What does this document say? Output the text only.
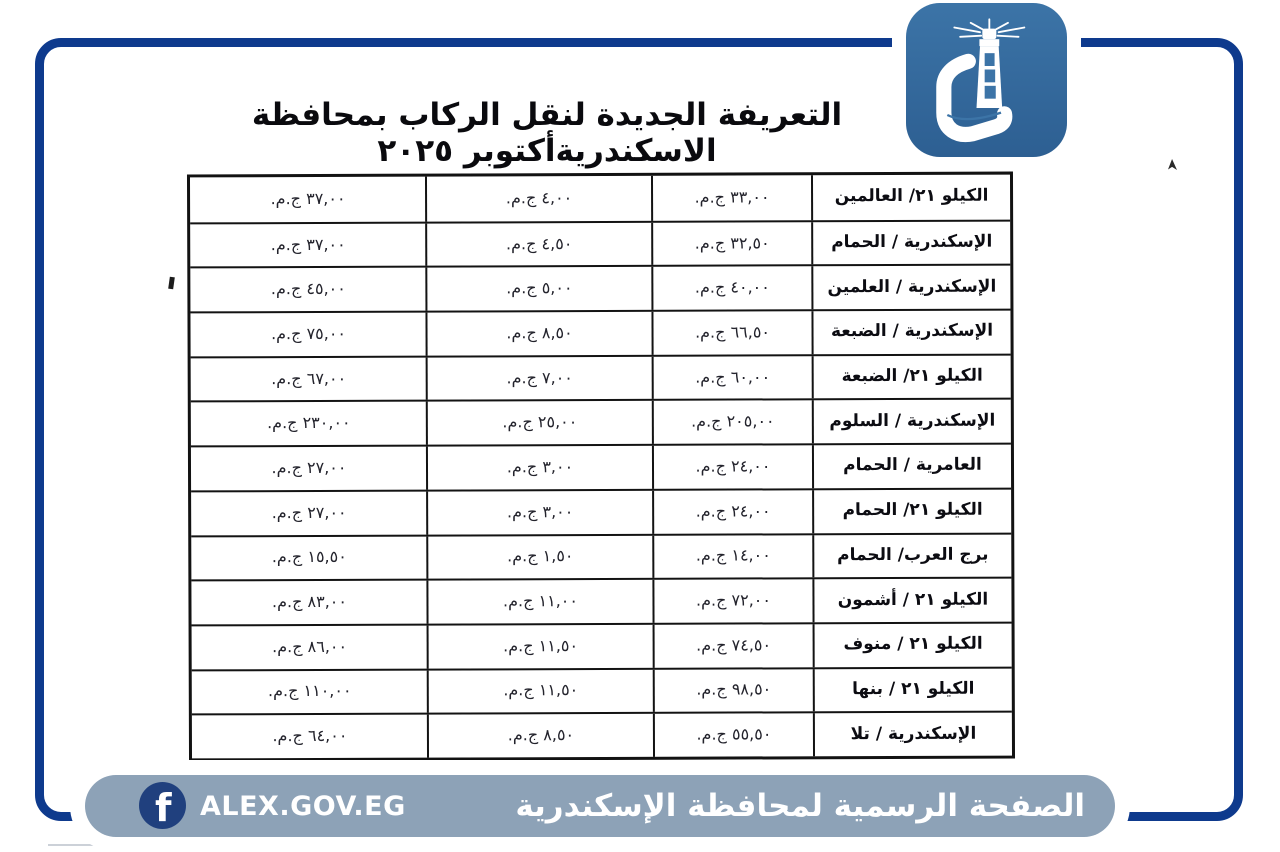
التعريفة الجديدة لنقل الركاب بمحافظة الاسكندريةأكتوبر ٢٠٢٥
الكيلو ٢١/ العالمين
٣٣,٠٠ ج.م.
٤,٠٠ ج.م.
٣٧,٠٠ ج.م.
الإسكندرية / الحمام
٣٢,٥٠ ج.م.
٤,٥٠ ج.م.
٣٧,٠٠ ج.م.
الإسكندرية / العلمين
٤٠,٠٠ ج.م.
٥,٠٠ ج.م.
٤٥,٠٠ ج.م.
الإسكندرية / الضبعة
٦٦,٥٠ ج.م.
٨,٥٠ ج.م.
٧٥,٠٠ ج.م.
الكيلو ٢١/ الضبعة
٦٠,٠٠ ج.م.
٧,٠٠ ج.م.
٦٧,٠٠ ج.م.
الإسكندرية / السلوم
٢٠٥,٠٠ ج.م.
٢٥,٠٠ ج.م.
٢٣٠,٠٠ ج.م.
العامرية / الحمام
٢٤,٠٠ ج.م.
٣,٠٠ ج.م.
٢٧,٠٠ ج.م.
الكيلو ٢١/ الحمام
٢٤,٠٠ ج.م.
٣,٠٠ ج.م.
٢٧,٠٠ ج.م.
برج العرب/ الحمام
١٤,٠٠ ج.م.
١,٥٠ ج.م.
١٥,٥٠ ج.م.
الكيلو ٢١ / أشمون
٧٢,٠٠ ج.م.
١١,٠٠ ج.م.
٨٣,٠٠ ج.م.
الكيلو ٢١ / منوف
٧٤,٥٠ ج.م.
١١,٥٠ ج.م.
٨٦,٠٠ ج.م.
الكيلو ٢١ / بنها
٩٨,٥٠ ج.م.
١١,٥٠ ج.م.
١١٠,٠٠ ج.م.
الإسكندرية / تلا
٥٥,٥٠ ج.م.
٨,٥٠ ج.م.
٦٤,٠٠ ج.م.
f ALEX.GOV.EG	الصفحة الرسمية لمحافظة الإسكندرية
